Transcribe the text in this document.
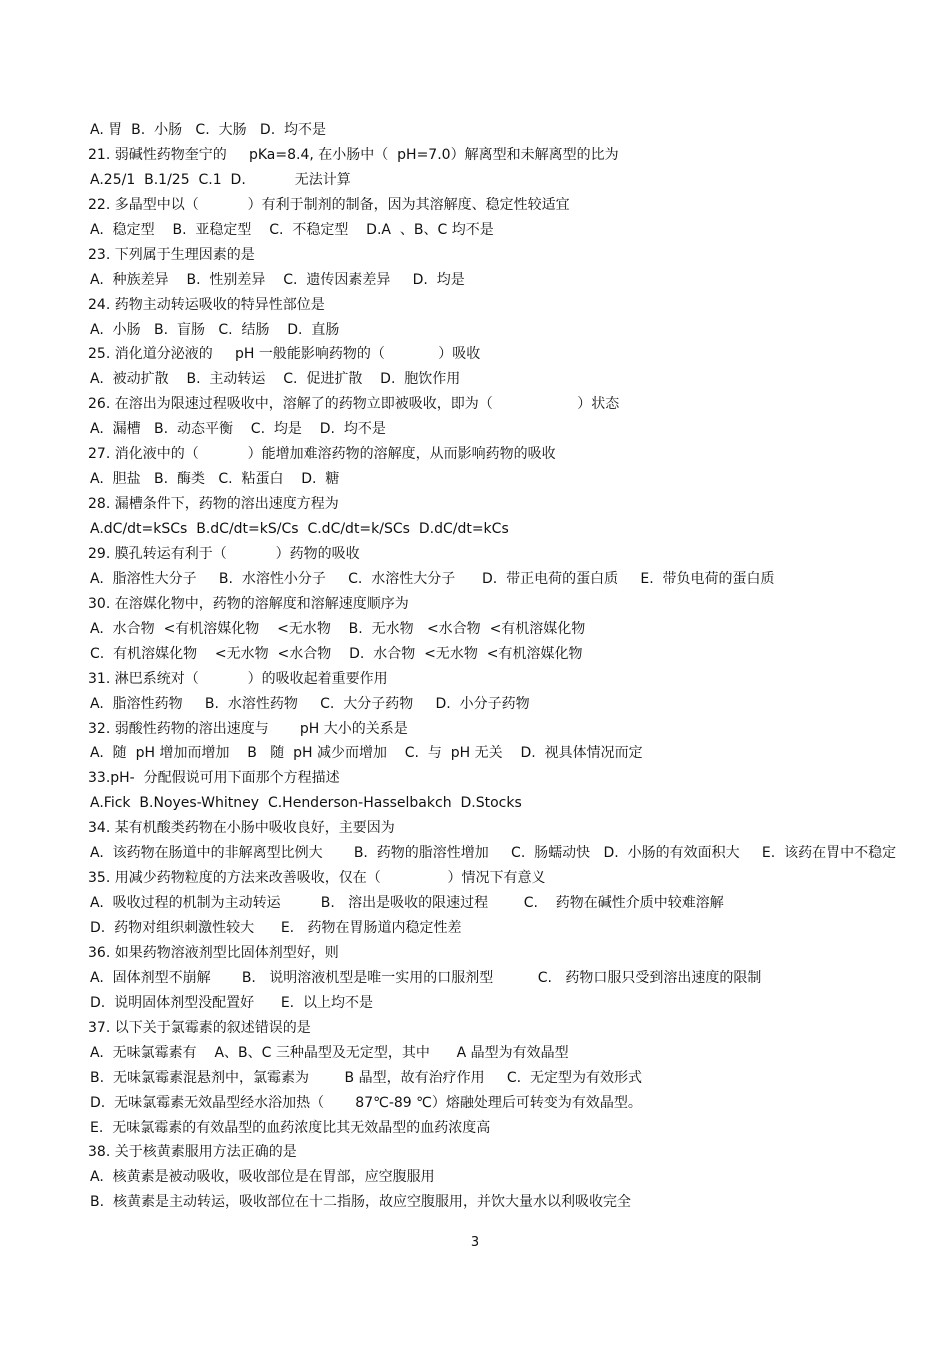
A. 胃  B.  小肠   C.  大肠   D.  均不是
21. 弱碱性药物奎宁的     pKa=8.4, 在小肠中（  pH=7.0）解离型和未解离型的比为
A.25/1  B.1/25  C.1  D.           无法计算
22. 多晶型中以（           ）有利于制剂的制备，因为其溶解度、稳定性较适宜
A.  稳定型    B.  亚稳定型    C.  不稳定型    D.A  、B、C 均不是
23. 下列属于生理因素的是
A.  种族差异    B.  性别差异    C.  遗传因素差异     D.  均是
24. 药物主动转运吸收的特异性部位是
A.  小肠   B.  盲肠   C.  结肠    D.  直肠
25. 消化道分泌液的     pH 一般能影响药物的（            ）吸收
A.  被动扩散    B.  主动转运    C.  促进扩散    D.  胞饮作用
26. 在溶出为限速过程吸收中，溶解了的药物立即被吸收，即为（                   ）状态
A.  漏槽   B.  动态平衡    C.  均是    D.  均不是
27. 消化液中的（           ）能增加难溶药物的溶解度，从而影响药物的吸收
A.  胆盐   B.  酶类   C.  粘蛋白    D.  糖
28. 漏槽条件下，药物的溶出速度方程为
A.dC/dt=kSCs  B.dC/dt=kS/Cs  C.dC/dt=k/SCs  D.dC/dt=kCs
29. 膜孔转运有利于（           ）药物的吸收
A.  脂溶性大分子     B.  水溶性小分子     C.  水溶性大分子      D.  带正电荷的蛋白质     E.  带负电荷的蛋白质
30. 在溶媒化物中，药物的溶解度和溶解速度顺序为
A.  水合物  <有机溶媒化物    <无水物    B.  无水物   <水合物  <有机溶媒化物
C.  有机溶媒化物    <无水物  <水合物    D.  水合物  <无水物  <有机溶媒化物
31. 淋巴系统对（           ）的吸收起着重要作用
A.  脂溶性药物     B.  水溶性药物     C.  大分子药物     D.  小分子药物
32. 弱酸性药物的溶出速度与       pH 大小的关系是
A.  随  pH 增加而增加    B   随  pH 减少而增加    C.  与  pH 无关    D.  视具体情况而定
33.pH-  分配假说可用下面那个方程描述
A.Fick  B.Noyes-Whitney  C.Henderson-Hasselbakch  D.Stocks
34. 某有机酸类药物在小肠中吸收良好，主要因为
A.  该药物在肠道中的非解离型比例大       B.  药物的脂溶性增加     C.  肠蠕动快   D.  小肠的有效面积大     E.  该药在胃中不稳定
35. 用减少药物粒度的方法来改善吸收，仅在（               ）情况下有意义
A.  吸收过程的机制为主动转运         B.   溶出是吸收的限速过程        C.    药物在碱性介质中较难溶解
D.  药物对组织刺激性较大      E.   药物在胃肠道内稳定性差
36. 如果药物溶液剂型比固体剂型好，则
A.  固体剂型不崩解       B.   说明溶液机型是唯一实用的口服剂型          C.   药物口服只受到溶出速度的限制
D.  说明固体剂型没配置好      E.  以上均不是
37. 以下关于氯霉素的叙述错误的是
A.  无味氯霉素有    A、B、C 三种晶型及无定型，其中      A 晶型为有效晶型
B.  无味氯霉素混悬剂中，氯霉素为        B 晶型，故有治疗作用     C.  无定型为有效形式
D.  无味氯霉素无效晶型经水浴加热（       87℃-89 ℃）熔融处理后可转变为有效晶型。
E.  无味氯霉素的有效晶型的血药浓度比其无效晶型的血药浓度高
38. 关于核黄素服用方法正确的是
A.  核黄素是被动吸收，吸收部位是在胃部，应空腹服用
B.  核黄素是主动转运，吸收部位在十二指肠，故应空腹服用，并饮大量水以利吸收完全
3
